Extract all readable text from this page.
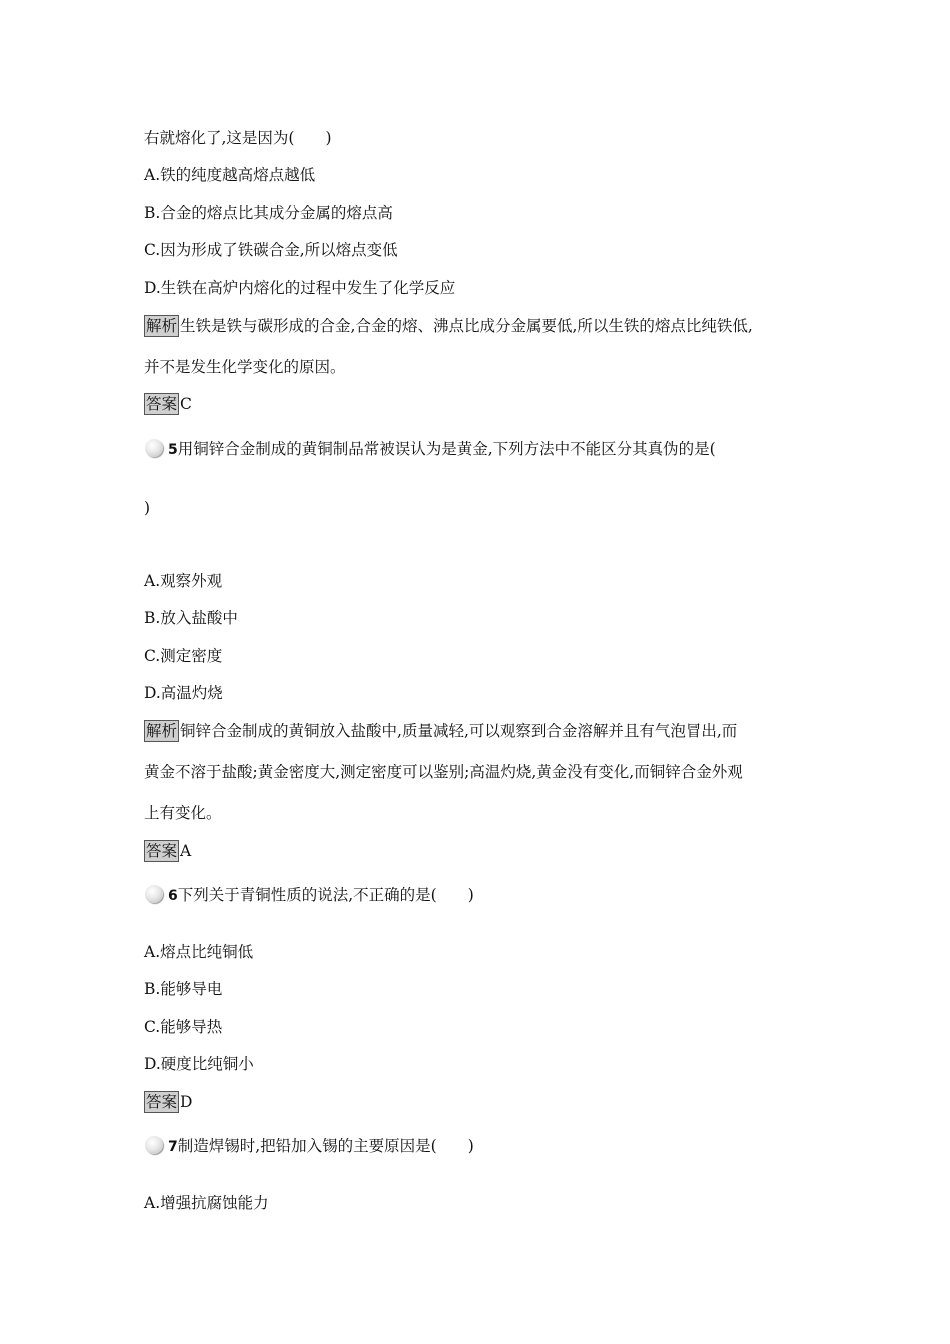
右就熔化了,这是因为(　　)
A.铁的纯度越高熔点越低
B.合金的熔点比其成分金属的熔点高
C.因为形成了铁碳合金,所以熔点变低
D.生铁在高炉内熔化的过程中发生了化学反应
解析 生铁是铁与碳形成的合金,合金的熔、沸点比成分金属要低,所以生铁的熔点比纯铁低,
并不是发生化学变化的原因。
答案 C
5用铜锌合金制成的黄铜制品常被误认为是黄金,下列方法中不能区分其真伪的是(
)
A.观察外观
B.放入盐酸中
C.测定密度
D.高温灼烧
解析 铜锌合金制成的黄铜放入盐酸中,质量减轻,可以观察到合金溶解并且有气泡冒出,而
黄金不溶于盐酸;黄金密度大,测定密度可以鉴别;高温灼烧,黄金没有变化,而铜锌合金外观
上有变化。
答案 A
6下列关于青铜性质的说法,不正确的是(　　)
A.熔点比纯铜低
B.能够导电
C.能够导热
D.硬度比纯铜小
答案 D
7制造焊锡时,把铅加入锡的主要原因是(　　)
A.增强抗腐蚀能力
